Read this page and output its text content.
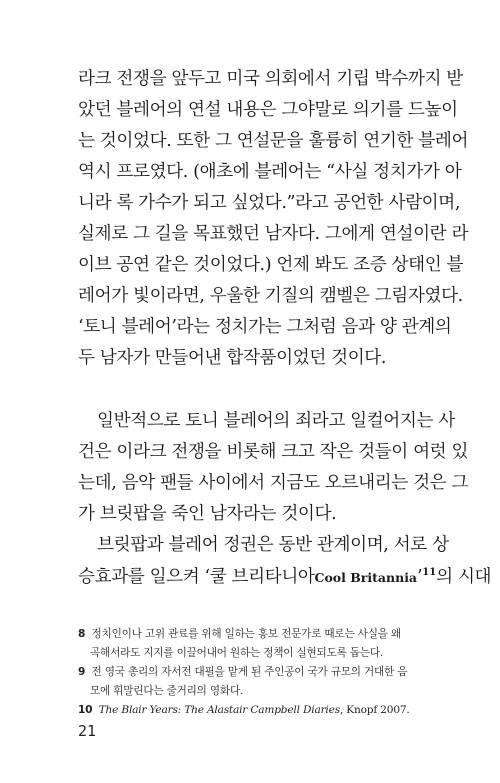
라크 전쟁을 앞두고 미국 의회에서 기립 박수까지 받
았던 블레어의 연설 내용은 그야말로 의기를 드높이
는 것이었다. 또한 그 연설문을 훌륭히 연기한 블레어
역시 프로였다. (애초에 블레어는 “사실 정치가가 아
니라 록 가수가 되고 싶었다.”라고 공언한 사람이며,
실제로 그 길을 목표했던 남자다. 그에게 연설이란 라
이브 공연 같은 것이었다.) 언제 봐도 조증 상태인 블
레어가 빛이라면, 우울한 기질의 캠벨은 그림자였다.
‘토니 블레어’라는 정치가는 그처럼 음과 양 관계의
두 남자가 만들어낸 합작품이었던 것이다.
일반적으로 토니 블레어의 죄라고 일컬어지는 사
건은 이라크 전쟁을 비롯해 크고 작은 것들이 여럿 있
는데, 음악 팬들 사이에서 지금도 오르내리는 것은 그
가 브릿팝을 죽인 남자라는 것이다.
브릿팝과 블레어 정권은 동반 관계이며, 서로 상
승효과를 일으켜 ‘쿨 브리타니아Cool Britannia’$^{11}$의 시대
8 정치인이나 고위 관료를 위해 일하는 홍보 전문가로 때로는 사실을 왜
곡해서라도 지지를 이끌어내어 원하는 정책이 실현되도록 돕는다.
9 전 영국 총리의 자서전 대필을 맡게 된 주인공이 국가 규모의 거대한 음
모에 휘말린다는 줄거리의 영화다.
10 The Blair Years: The Alastair Campbell Diaries, Knopf 2007.
21
